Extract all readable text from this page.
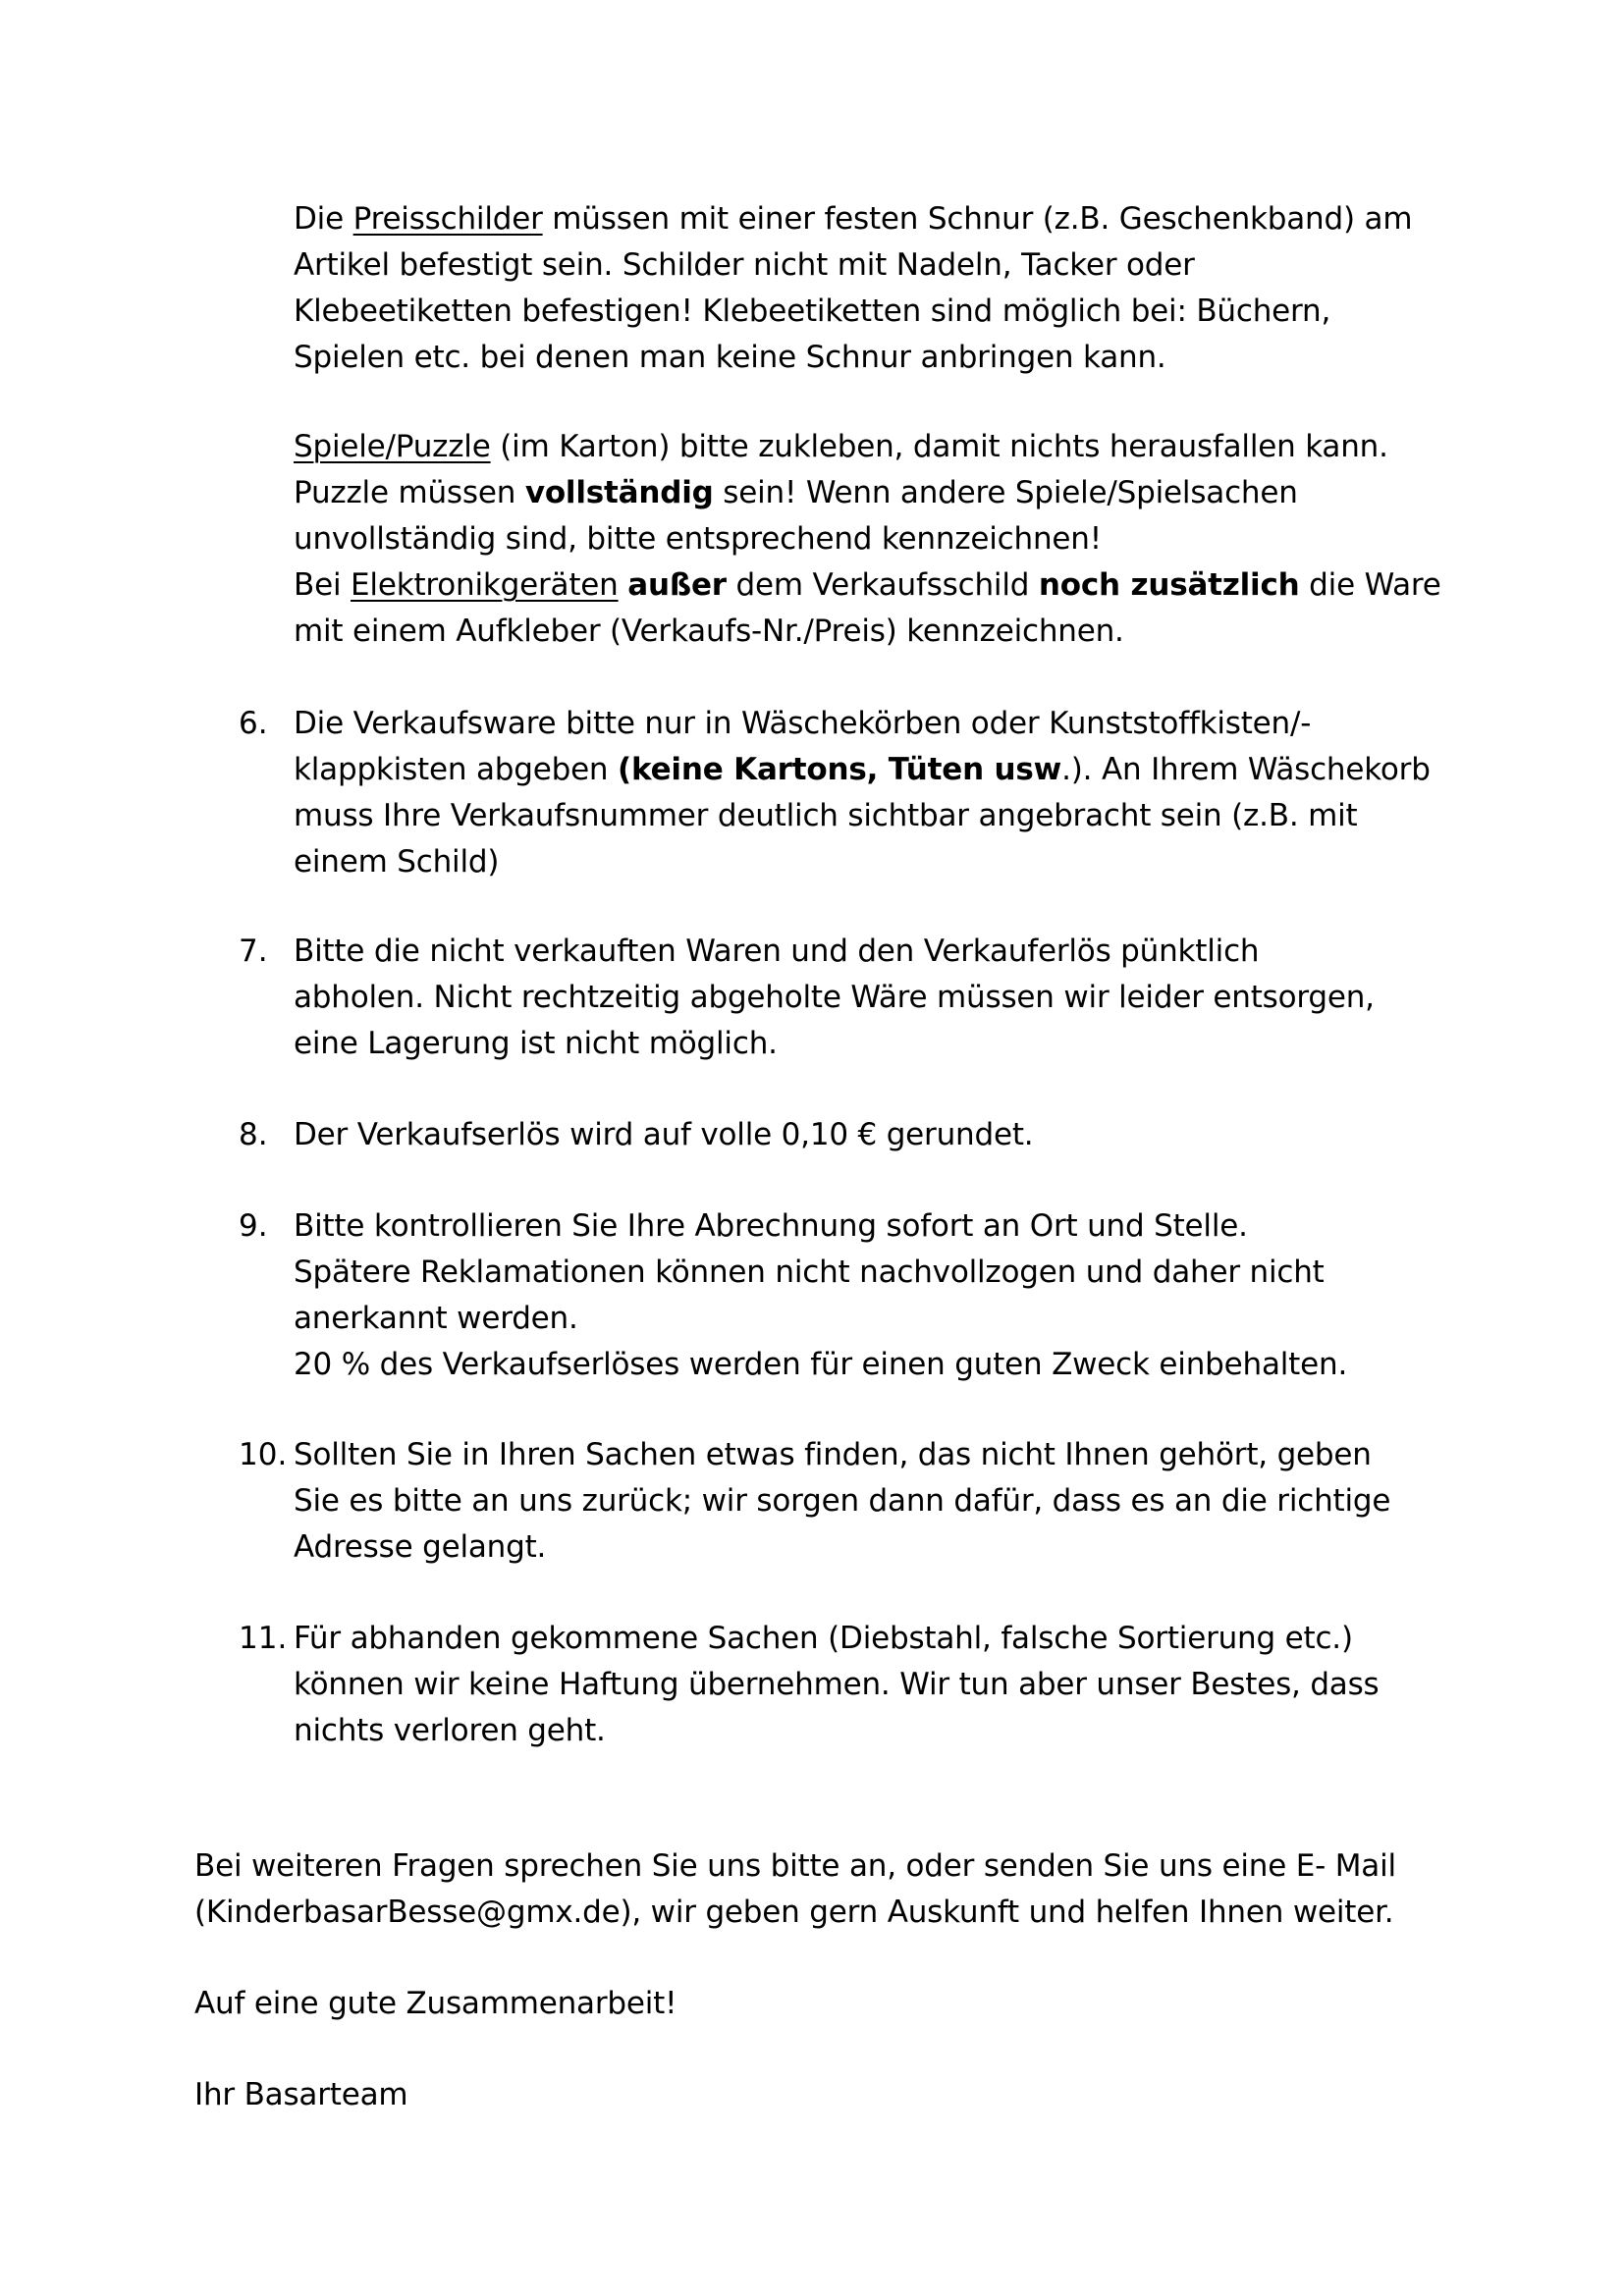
Die Preisschilder müssen mit einer festen Schnur (z.B. Geschenkband) am
Artikel befestigt sein. Schilder nicht mit Nadeln, Tacker oder
Klebeetiketten befestigen! Klebeetiketten sind möglich bei: Büchern,
Spielen etc. bei denen man keine Schnur anbringen kann.
Spiele/Puzzle (im Karton) bitte zukleben, damit nichts herausfallen kann.
Puzzle müssen vollständig sein! Wenn andere Spiele/Spielsachen
unvollständig sind, bitte entsprechend kennzeichnen!
Bei Elektronikgeräten außer dem Verkaufsschild noch zusätzlich die Ware
mit einem Aufkleber (Verkaufs-Nr./Preis) kennzeichnen.
6. Die Verkaufsware bitte nur in Wäschekörben oder Kunststoffkisten/-
klappkisten abgeben (keine Kartons, Tüten usw.). An Ihrem Wäschekorb
muss Ihre Verkaufsnummer deutlich sichtbar angebracht sein (z.B. mit
einem Schild)
7. Bitte die nicht verkauften Waren und den Verkauferlös pünktlich
abholen. Nicht rechtzeitig abgeholte Wäre müssen wir leider entsorgen,
eine Lagerung ist nicht möglich.
8. Der Verkaufserlös wird auf volle 0,10 € gerundet.
9. Bitte kontrollieren Sie Ihre Abrechnung sofort an Ort und Stelle.
Spätere Reklamationen können nicht nachvollzogen und daher nicht
anerkannt werden.
20 % des Verkaufserlöses werden für einen guten Zweck einbehalten.
10. Sollten Sie in Ihren Sachen etwas finden, das nicht Ihnen gehört, geben
Sie es bitte an uns zurück; wir sorgen dann dafür, dass es an die richtige
Adresse gelangt.
11. Für abhanden gekommene Sachen (Diebstahl, falsche Sortierung etc.)
können wir keine Haftung übernehmen. Wir tun aber unser Bestes, dass
nichts verloren geht.
Bei weiteren Fragen sprechen Sie uns bitte an, oder senden Sie uns eine E- Mail
(KinderbasarBesse@gmx.de), wir geben gern Auskunft und helfen Ihnen weiter.
Auf eine gute Zusammenarbeit!
Ihr Basarteam
